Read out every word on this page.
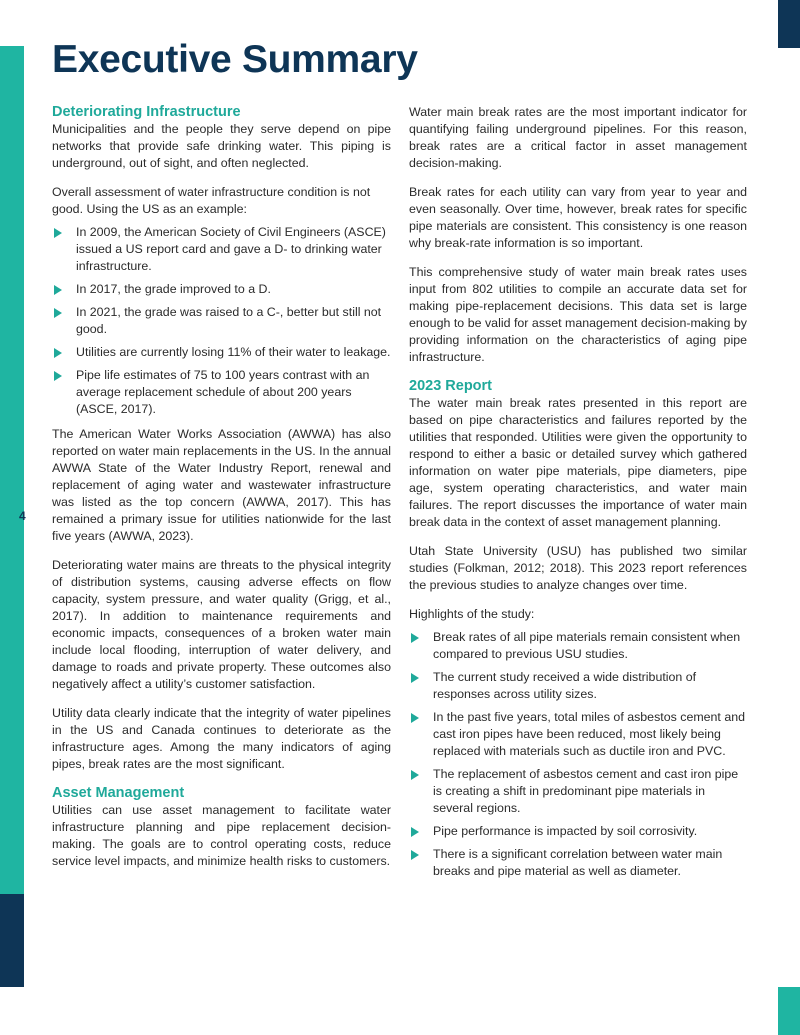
4
Executive Summary
Deteriorating Infrastructure

Municipalities and the people they serve depend on pipe networks that provide safe drinking water. This piping is underground, out of sight, and often neglected.

Overall assessment of water infrastructure condition is not good. Using the US as an example:

In 2009, the American Society of Civil Engineers (ASCE) issued a US report card and gave a D- to drinking water infrastructure.
In 2017, the grade improved to a D.
In 2021, the grade was raised to a C-, better but still not good.
Utilities are currently losing 11% of their water to leakage.
Pipe life estimates of 75 to 100 years contrast with an average replacement schedule of about 200 years (ASCE, 2017).

The American Water Works Association (AWWA) has also reported on water main replacements in the US. In the annual AWWA State of the Water Industry Report, renewal and replacement of aging water and wastewater infrastructure was listed as the top concern (AWWA, 2017). This has remained a primary issue for utilities nationwide for the last five years (AWWA, 2023).

Deteriorating water mains are threats to the physical integrity of distribution systems, causing adverse effects on flow capacity, system pressure, and water quality (Grigg, et al., 2017). In addition to maintenance requirements and economic impacts, consequences of a broken water main include local flooding, interruption of water delivery, and damage to roads and private property. These outcomes also negatively affect a utility’s customer satisfaction.

Utility data clearly indicate that the integrity of water pipelines in the US and Canada continues to deteriorate as the infrastructure ages. Among the many indicators of aging pipes, break rates are the most significant.

Asset Management

Utilities can use asset management to facilitate water infrastructure planning and pipe replacement decision-making. The goals are to control operating costs, reduce service level impacts, and minimize health risks to customers.

Water main break rates are the most important indicator for quantifying failing underground pipelines. For this reason, break rates are a critical factor in asset management decision-making.

Break rates for each utility can vary from year to year and even seasonally. Over time, however, break rates for specific pipe materials are consistent. This consistency is one reason why break-rate information is so important.

This comprehensive study of water main break rates uses input from 802 utilities to compile an accurate data set for making pipe-replacement decisions. This data set is large enough to be valid for asset management decision-making by providing information on the characteristics of aging pipe infrastructure.

2023 Report

The water main break rates presented in this report are based on pipe characteristics and failures reported by the utilities that responded. Utilities were given the opportunity to respond to either a basic or detailed survey which gathered information on water pipe materials, pipe diameters, pipe age, system operating characteristics, and water main failures. The report discusses the importance of water main break data in the context of asset management planning.

Utah State University (USU) has published two similar studies (Folkman, 2012; 2018). This 2023 report references the previous studies to analyze changes over time.

Highlights of the study:

Break rates of all pipe materials remain consistent when compared to previous USU studies.
The current study received a wide distribution of responses across utility sizes.
In the past five years, total miles of asbestos cement and cast iron pipes have been reduced, most likely being replaced with materials such as ductile iron and PVC.
The replacement of asbestos cement and cast iron pipe is creating a shift in predominant pipe materials in several regions.
Pipe performance is impacted by soil corrosivity.
There is a significant correlation between water main breaks and pipe material as well as diameter.
